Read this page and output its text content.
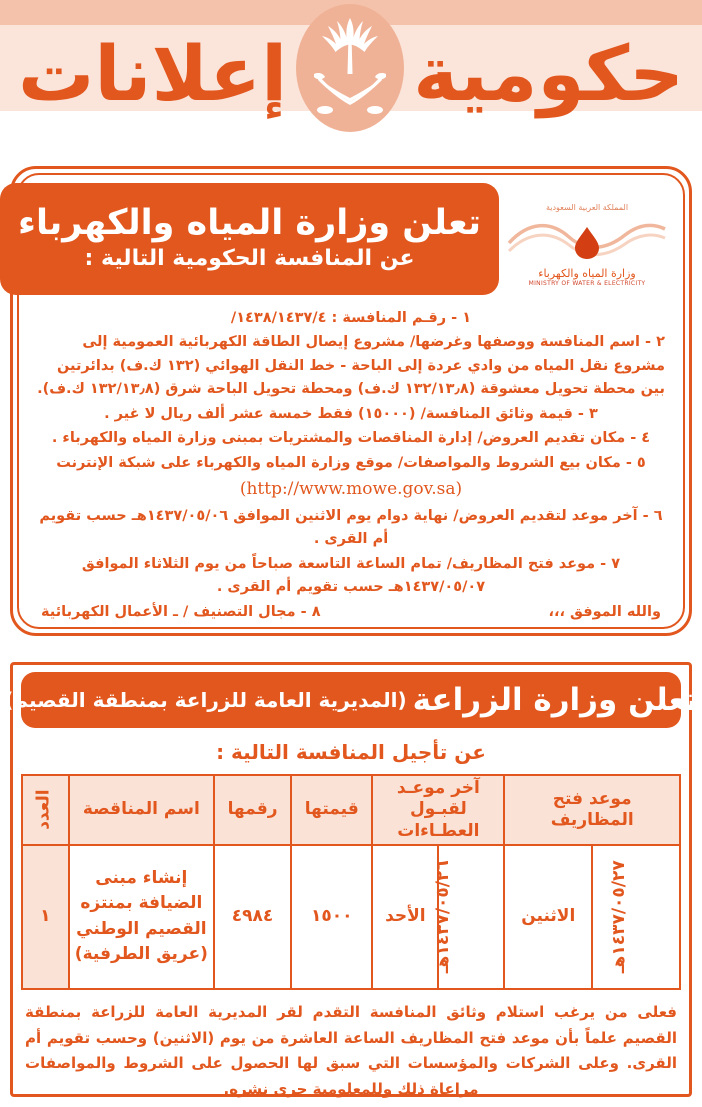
حكومية
إعلانات
المملكة العربية السعودية
وزارة المياه والكهرباء
MINISTRY OF WATER & ELECTRICITY
تعلن وزارة المياه والكهرباء
عن المنافسة الحكومية التالية :

١ - رقـم المنافسة : ١٤٣٨/١٤٣٧/٤/

٢ - اسم المنافسة ووصفها وغرضها/ مشروع إيصال الطاقة الكهربائية العمومية إلى مشروع نقل المياه من وادي عردة إلى الباحة - خط النقل الهوائي (١٣٢ ك.ف) بدائرتين بين محطة تحويل معشوقة (١٣٢/١٣٫٨ ك.ف) ومحطة تحويل الباحة شرق (١٣٢/١٣٫٨ ك.ف).

٣ - قيمة وثائق المنافسة/ (١٥٠٠٠) فقط خمسة عشر ألف ريال لا غير .

٤ - مكان تقديم العروض/ إدارة المناقصات والمشتريات بمبنى وزارة المياه والكهرباء .

٥ - مكان بيع الشروط والمواصفات/ موقع وزارة المياه والكهرباء على شبكة الإنترنت

(http://www.mowe.gov.sa)

٦ - آخر موعد لتقديم العروض/ نهاية دوام يوم الاثنين الموافق ١٤٣٧/٠٥/٠٦هـ حسب تقويم أم القرى .

٧ - موعد فتح المظاريف/ تمام الساعة التاسعة صباحاً من يوم الثلاثاء الموافق ١٤٣٧/٠٥/٠٧هـ حسب تقويم أم القرى .

والله الموفق ،،،
٨ - مجال التصنيف / ـ الأعمال الكهربائية

تعلن وزارة الزراعة
(المديرية العامة للزراعة بمنطقة القصيم)
عن تأجيل المنافسة التالية :
موعد فتح المظاريف		آخر موعـد لقبـول العطـاءات		قيمتها	رقمها	اسم المناقصة	العدد
١٤٣٧/٠٥/٢٧هـ	الاثنين	١٤٣٧/٠٥/٢٦هـ	الأحد	١٥٠٠	٤٩٨٤	إنشاء مبنى الضيافة بمنتزه القصيم الوطني (عريق الطرفية)	١

فعلى من يرغب استلام وثائق المنافسة التقدم لقر المديرية العامة للزراعة بمنطقة القصيم علماً بأن موعد فتح المظاريف الساعة العاشرة من يوم (الاثنين) وحسب تقويم أم القرى. وعلى الشركات والمؤسسات التي سبق لها الحصول على الشروط والمواصفات مراعاة ذلك وللمعلومية جرى نشره.
